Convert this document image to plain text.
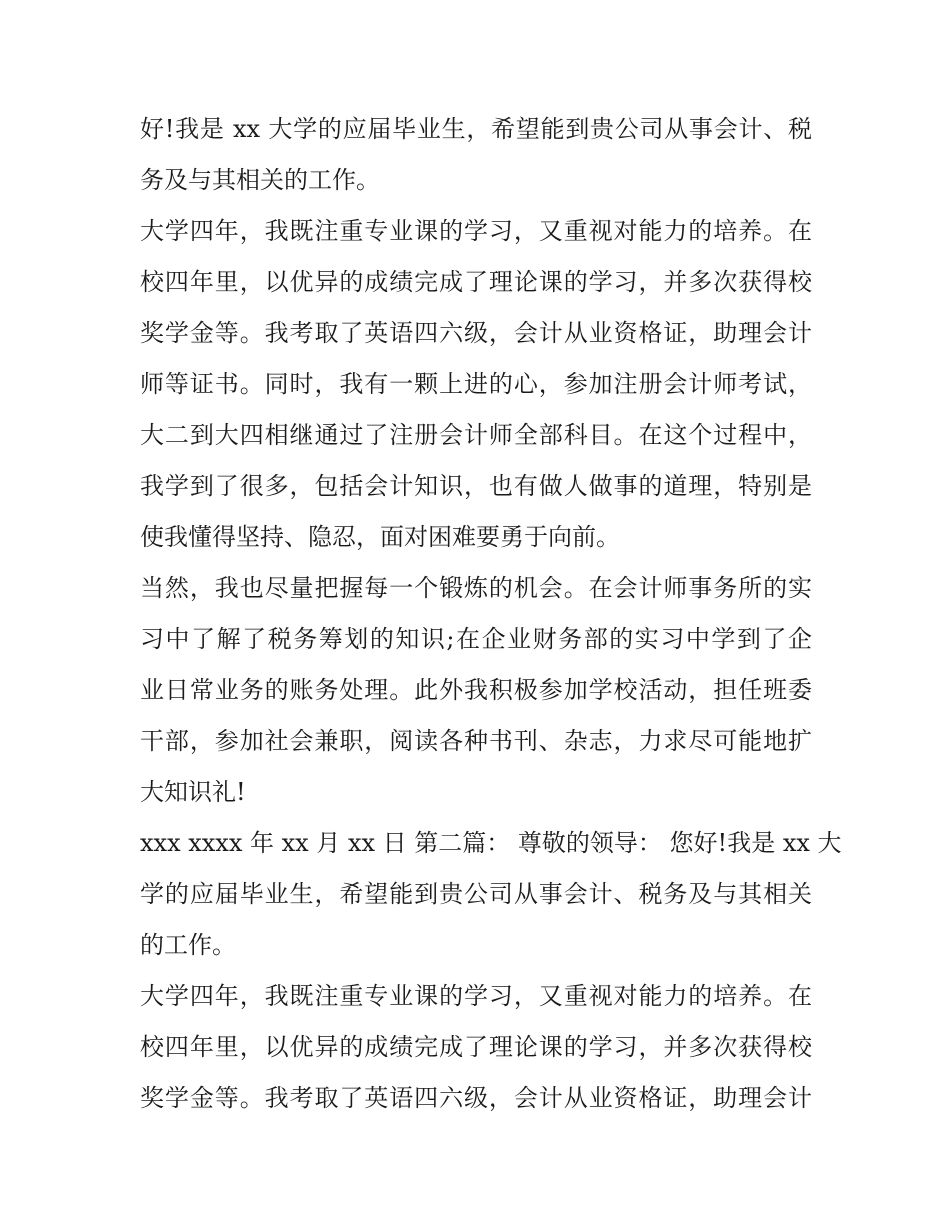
好!我是 xx 大学的应届毕业生，希望能到贵公司从事会计、税
务及与其相关的工作。
大学四年，我既注重专业课的学习，又重视对能力的培养。在
校四年里，以优异的成绩完成了理论课的学习，并多次获得校
奖学金等。我考取了英语四六级，会计从业资格证，助理会计
师等证书。同时，我有一颗上进的心，参加注册会计师考试，
大二到大四相继通过了注册会计师全部科目。在这个过程中，
我学到了很多，包括会计知识，也有做人做事的道理，特别是
使我懂得坚持、隐忍，面对困难要勇于向前。
当然，我也尽量把握每一个锻炼的机会。在会计师事务所的实
习中了解了税务筹划的知识;在企业财务部的实习中学到了企
业日常业务的账务处理。此外我积极参加学校活动，担任班委
干部，参加社会兼职，阅读各种书刊、杂志，力求尽可能地扩
大知识礼!
xxx xxxx 年 xx 月 xx 日 第二篇： 尊敬的领导： 您好!我是 xx 大
学的应届毕业生，希望能到贵公司从事会计、税务及与其相关
的工作。
大学四年，我既注重专业课的学习，又重视对能力的培养。在
校四年里，以优异的成绩完成了理论课的学习，并多次获得校
奖学金等。我考取了英语四六级，会计从业资格证，助理会计
